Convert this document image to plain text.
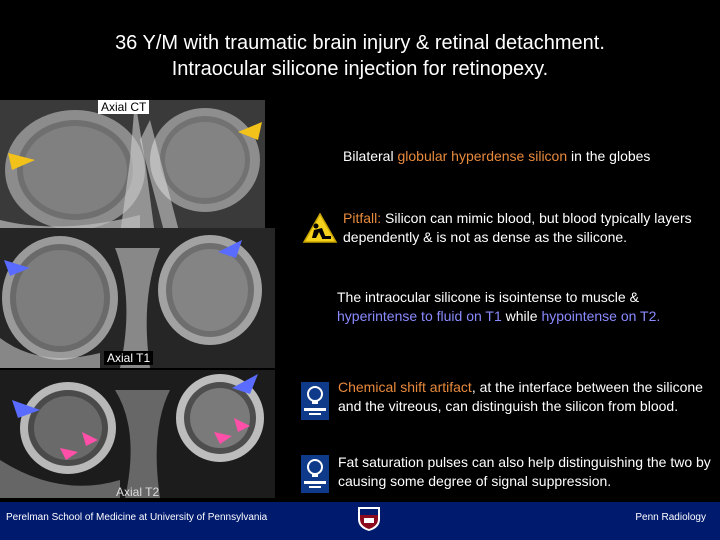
36 Y/M with traumatic brain injury & retinal detachment.
Intraocular silicone injection for retinopexy.
Axial CT
Axial T1
Axial T2
Bilateral globular hyperdense silicon in the globes
Pitfall: Silicon can mimic blood, but blood typically layers dependently & is not as dense as the silicone.
The intraocular silicone is isointense to muscle & hyperintense to fluid on T1 while hypointense on T2.
Chemical shift artifact, at the interface between the silicone and the vitreous, can distinguish the silicon from blood.
Fat saturation pulses can also help distinguishing the two by causing some degree of signal suppression.
Perelman School of Medicine at University of Pennsylvania	Penn Radiology
